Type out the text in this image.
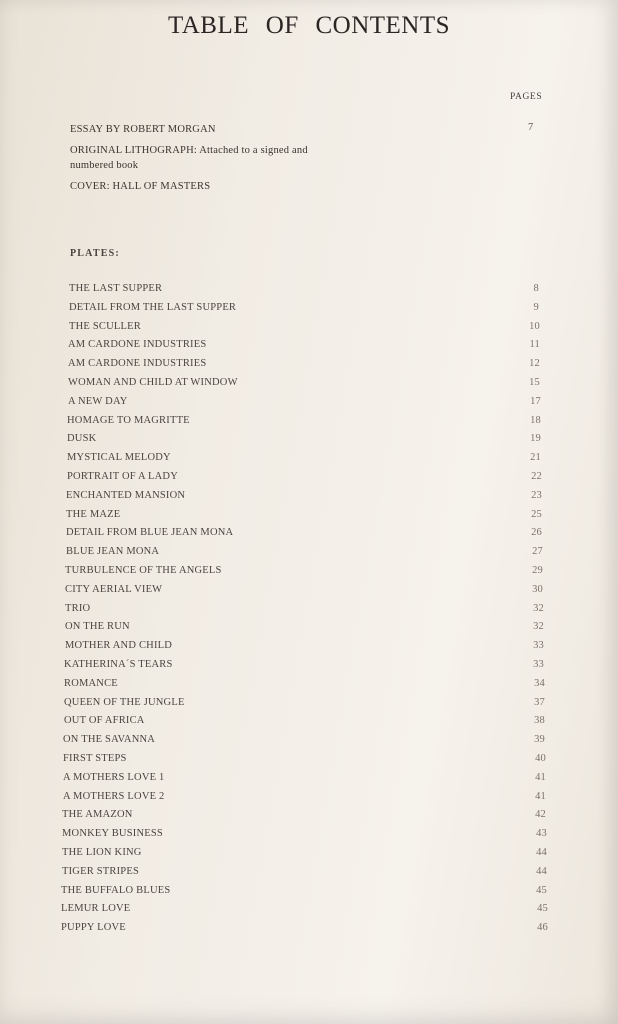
TABLE OF CONTENTS
PAGES
ESSAY BY ROBERT MORGAN	7
ORIGINAL LITHOGRAPH: Attached to a signed and numbered book
COVER: HALL OF MASTERS
PLATES:
THE LAST SUPPER	8
DETAIL FROM THE LAST SUPPER	9
THE SCULLER	10
AM CARDONE INDUSTRIES	11
AM CARDONE INDUSTRIES	12
WOMAN AND CHILD AT WINDOW	15
A NEW DAY	17
HOMAGE TO MAGRITTE	18
DUSK	19
MYSTICAL MELODY	21
PORTRAIT OF A LADY	22
ENCHANTED MANSION	23
THE MAZE	25
DETAIL FROM BLUE JEAN MONA	26
BLUE JEAN MONA	27
TURBULENCE OF THE ANGELS	29
CITY AERIAL VIEW	30
TRIO	32
ON THE RUN	32
MOTHER AND CHILD	33
KATHERINA´S TEARS	33
ROMANCE	34
QUEEN OF THE JUNGLE	37
OUT OF AFRICA	38
ON THE SAVANNA	39
FIRST STEPS	40
A MOTHERS LOVE 1	41
A MOTHERS LOVE 2	41
THE AMAZON	42
MONKEY BUSINESS	43
THE LION KING	44
TIGER STRIPES	44
THE BUFFALO BLUES	45
LEMUR LOVE	45
PUPPY LOVE	46
